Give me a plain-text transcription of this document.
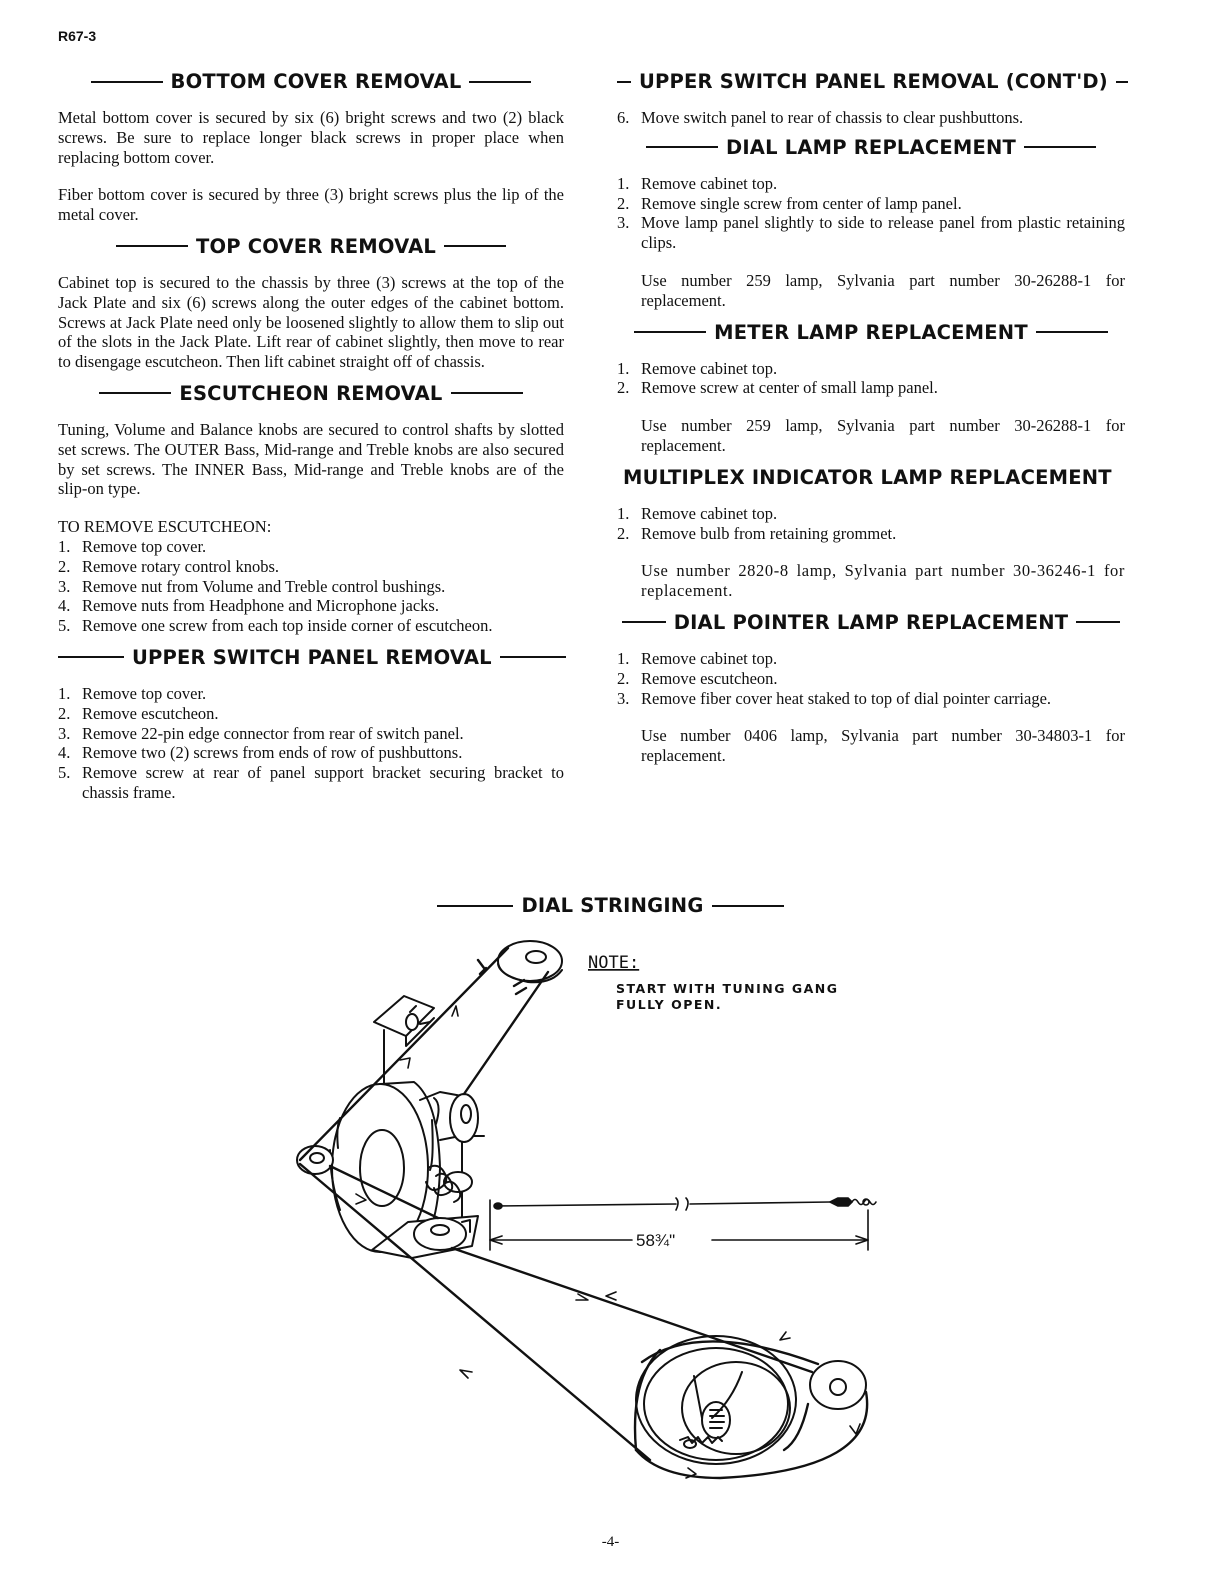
R67-3
BOTTOM COVER REMOVAL

Metal bottom cover is secured by six (6) bright screws and two (2) black screws. Be sure to replace longer black screws in proper place when replacing bottom cover.

Fiber bottom cover is secured by three (3) bright screws plus the lip of the metal cover.

TOP COVER REMOVAL

Cabinet top is secured to the chassis by three (3) screws at the top of the Jack Plate and six (6) screws along the outer edges of the cabinet bottom. Screws at Jack Plate need only be loosened slightly to allow them to slip out of the slots in the Jack Plate. Lift rear of cabinet slightly, then move to rear to disengage escutcheon. Then lift cabinet straight off of chassis.

ESCUTCHEON REMOVAL

Tuning, Volume and Balance knobs are secured to control shafts by slotted set screws. The OUTER Bass, Mid-range and Treble knobs are also secured by set screws. The INNER Bass, Mid-range and Treble knobs are of the slip-on type.

TO REMOVE ESCUTCHEON:

1. Remove top cover.
2. Remove rotary control knobs.
3. Remove nut from Volume and Treble control bushings.
4. Remove nuts from Headphone and Microphone jacks.
5. Remove one screw from each top inside corner of escutcheon.
UPPER SWITCH PANEL REMOVAL
1. Remove top cover.
2. Remove escutcheon.
3. Remove 22-pin edge connector from rear of switch panel.
4. Remove two (2) screws from ends of row of pushbuttons.
5. Remove screw at rear of panel support bracket securing bracket to chassis frame.
UPPER SWITCH PANEL REMOVAL (CONT'D)
6. Move switch panel to rear of chassis to clear pushbuttons.
DIAL LAMP REPLACEMENT
1. Remove cabinet top.
2. Remove single screw from center of lamp panel.
3. Move lamp panel slightly to side to release panel from plastic retaining clips.

Use number 259 lamp, Sylvania part number 30-26288-1 for replacement.

METER LAMP REPLACEMENT
1. Remove cabinet top.
2. Remove screw at center of small lamp panel.

Use number 259 lamp, Sylvania part number 30-26288-1 for replacement.

MULTIPLEX INDICATOR LAMP REPLACEMENT
1. Remove cabinet top.
2. Remove bulb from retaining grommet.

Use number 2820-8 lamp, Sylvania part number 30-36246-1 for replacement.

DIAL POINTER LAMP REPLACEMENT
1. Remove cabinet top.
2. Remove escutcheon.
3. Remove fiber cover heat staked to top of dial pointer carriage.

Use number 0406 lamp, Sylvania part number 30-34803-1 for replacement.

DIAL STRINGING
58¾"
NOTE:
START WITH TUNING GANG
FULLY OPEN.
-4-
